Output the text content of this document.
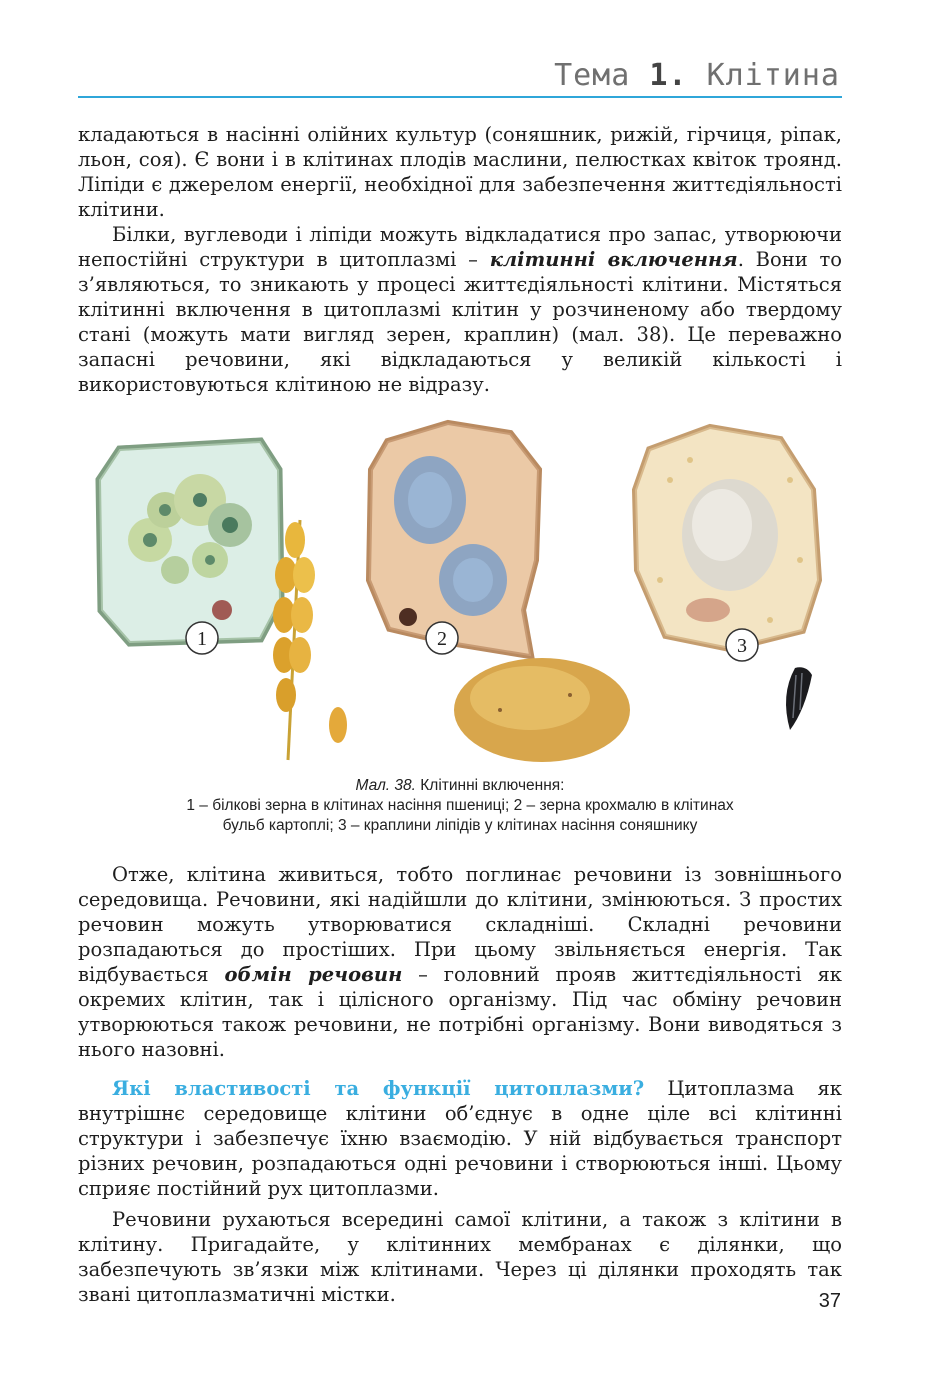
Тема 1. Клітина

кладаються в насінні олійних культур (соняшник, рижій, гірчиця, ріпак, льон, соя). Є вони і в клітинах плодів маслини, пелюстках квіток троянд. Ліпіди є джерелом енергії, необхідної для забезпечення життєдіяльності клітини.

Білки, вуглеводи і ліпіди можуть відкладатися про запас, утворюючи непостійні структури в цитоплазмі – клітинні включення. Вони то з’являються, то зникають у процесі життєдіяльності клітини. Містяться клітинні включення в цитоплазмі клітин у розчиненому або твердому стані (можуть мати вигляд зерен, краплин) (мал. 38). Це переважно запасні речовини, які відкладаються у великій кількості і використовуються клітиною не відразу.

1	2	3
Мал. 38. Клітинні включення:
1 – білкові зерна в клітинах насіння пшениці; 2 – зерна крохмалю в клітинах
бульб картоплі; 3 – краплини ліпідів у клітинах насіння соняшнику

Отже, клітина живиться, тобто поглинає речовини із зовнішнього середовища. Речовини, які надійшли до клітини, змінюються. З простих речовин можуть утворюватися складніші. Складні речовини розпадаються до простіших. При цьому звільняється енергія. Так відбувається обмін речовин – головний прояв життєдіяльності як окремих клітин, так і цілісного організму. Під час обміну речовин утворюються також речовини, не потрібні організму. Вони виводяться з нього назовні.

Які властивості та функції цитоплазми? Цитоплазма як внутрішнє середовище клітини об’єднує в одне ціле всі клітинні структури і забезпечує їхню взаємодію. У ній відбувається транспорт різних речовин, розпадаються одні речовини і створюються інші. Цьому сприяє постійний рух цитоплазми.

Речовини рухаються всередині самої клітини, а також з клітини в клітину. Пригадайте, у клітинних мембранах є ділянки, що забезпечують зв’язки між клітинами. Через ці ділянки проходять так звані цитоплазматичні містки.	37
